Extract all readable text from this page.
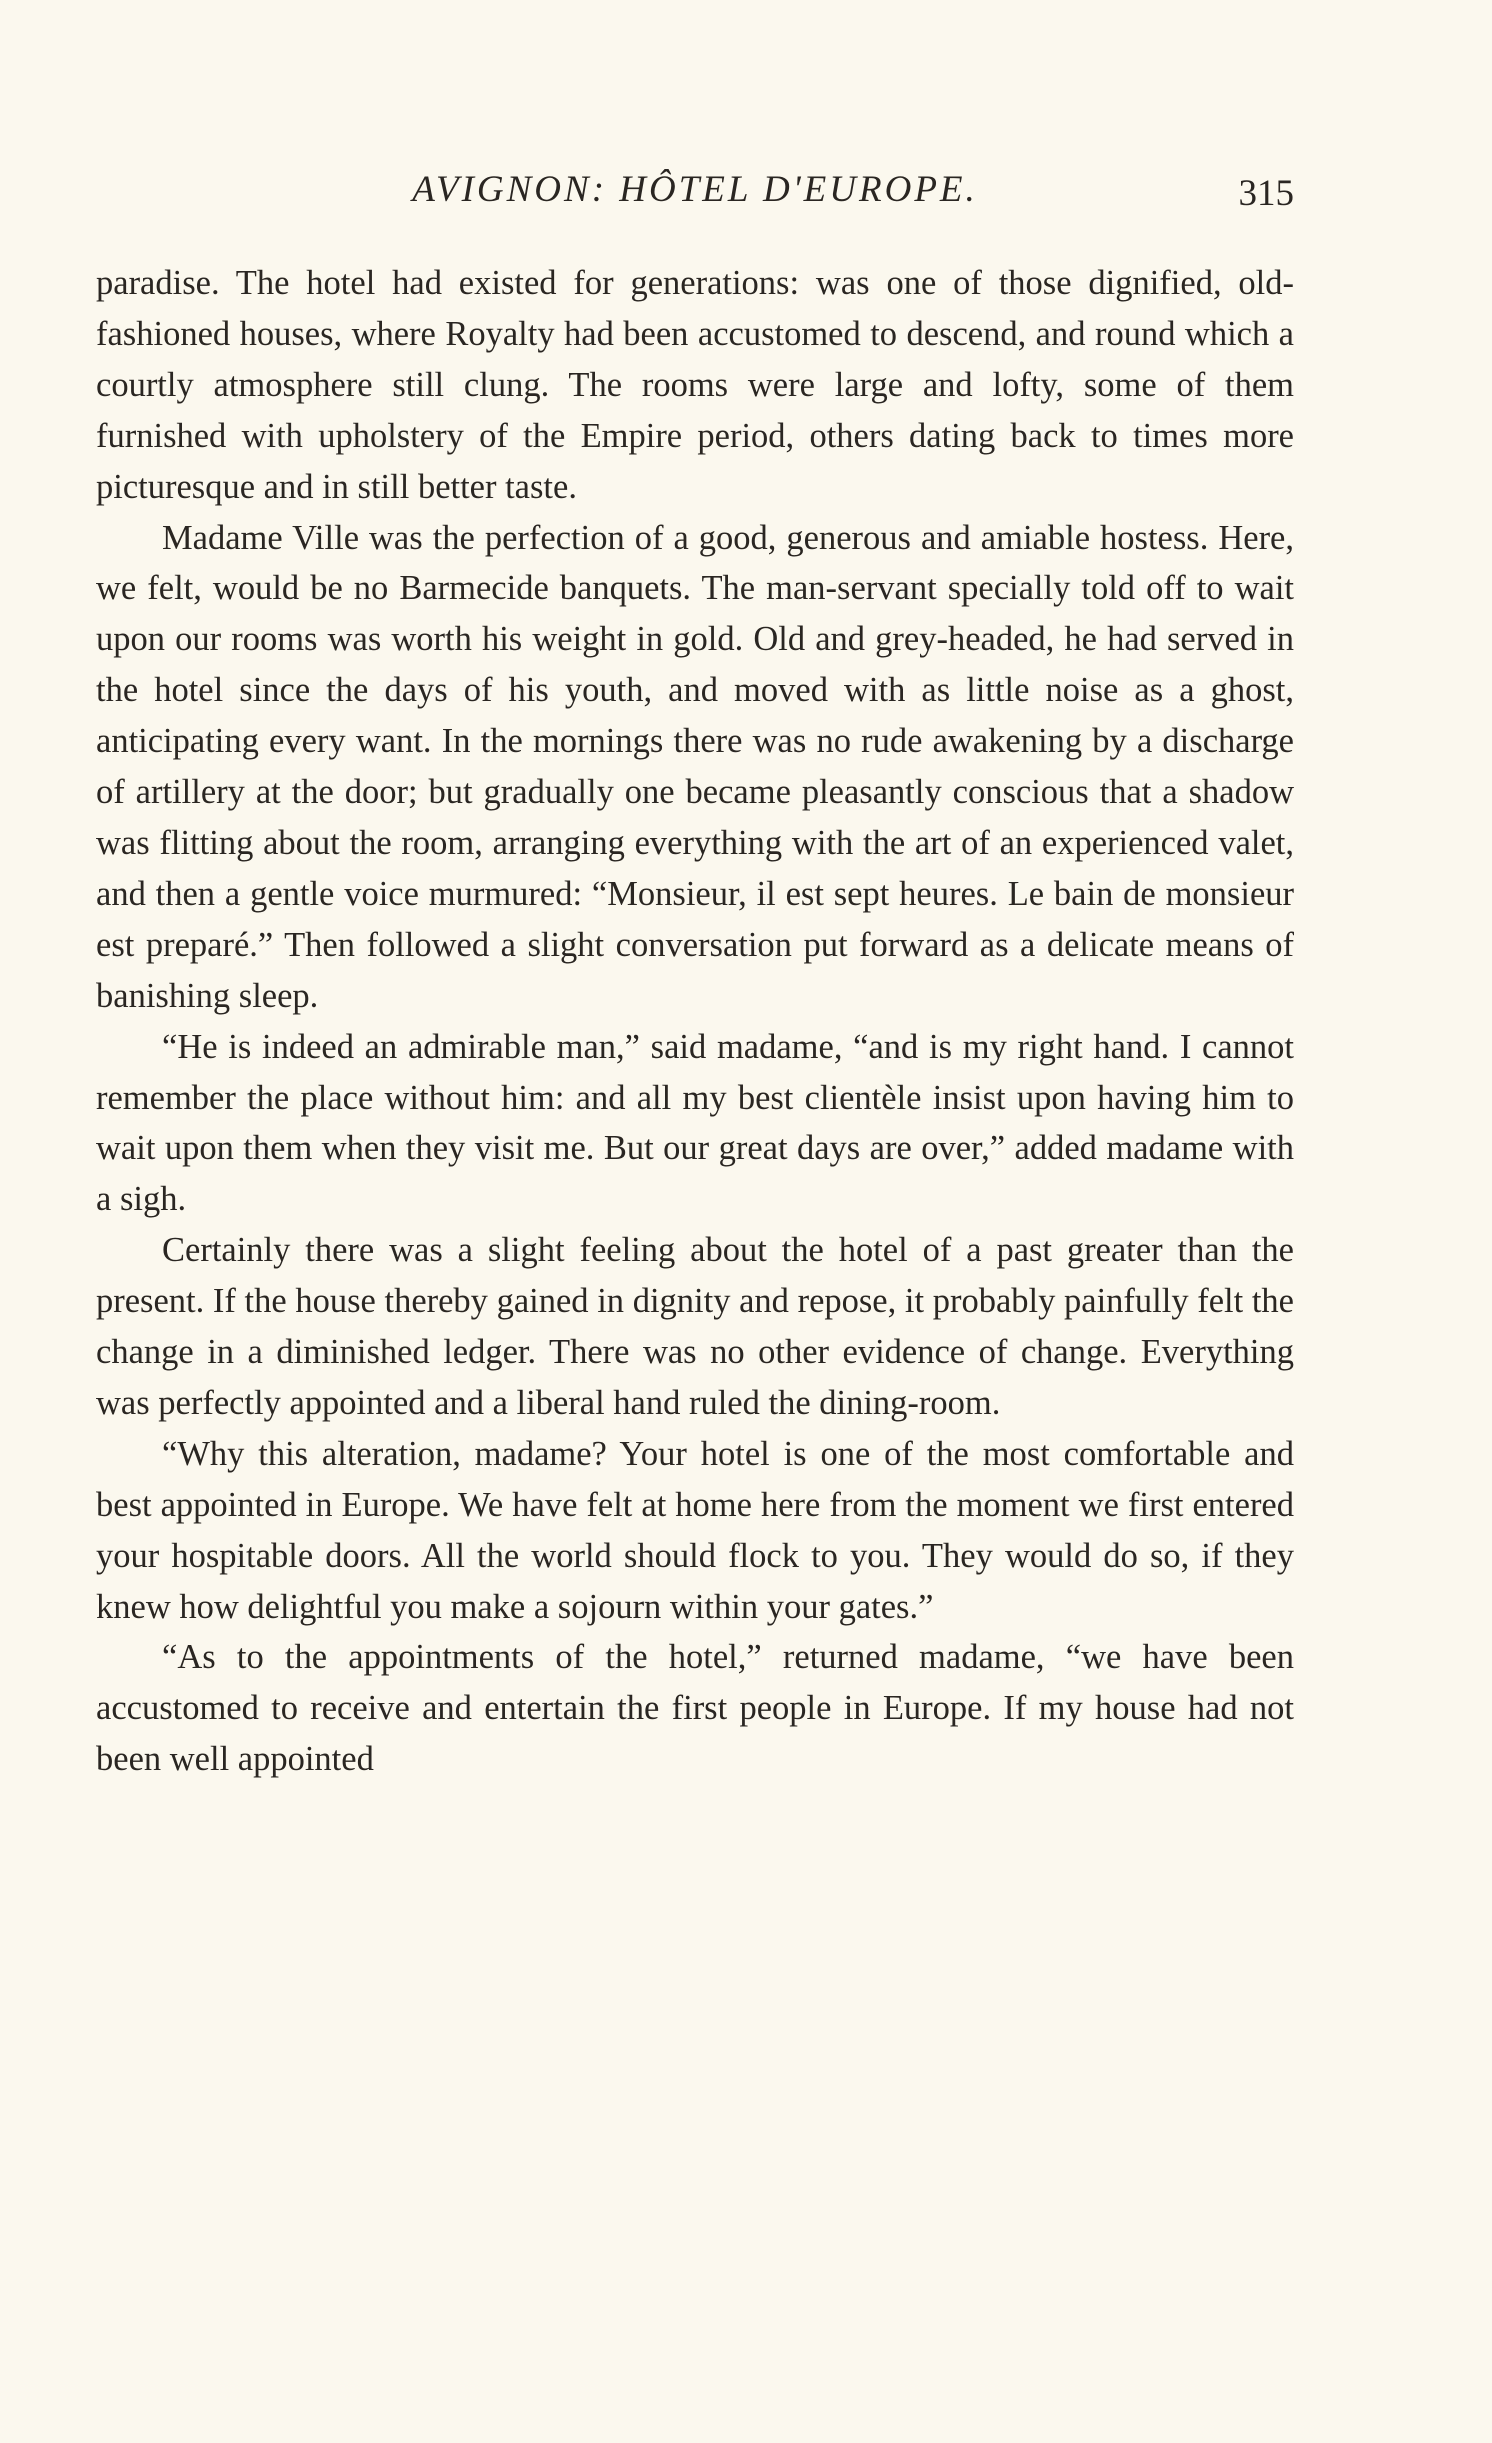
AVIGNON: HÔTEL D'EUROPE.	315

paradise. The hotel had existed for generations: was one of those dignified, old-fashioned houses, where Royalty had been accustomed to descend, and round which a courtly atmosphere still clung. The rooms were large and lofty, some of them furnished with upholstery of the Empire period, others dating back to times more picturesque and in still better taste.

Madame Ville was the perfection of a good, generous and amiable hostess. Here, we felt, would be no Barmecide banquets. The man-servant specially told off to wait upon our rooms was worth his weight in gold. Old and grey-headed, he had served in the hotel since the days of his youth, and moved with as little noise as a ghost, anticipating every want. In the mornings there was no rude awakening by a discharge of artillery at the door; but gradually one became pleasantly conscious that a shadow was flitting about the room, arranging everything with the art of an experienced valet, and then a gentle voice murmured: “Monsieur, il est sept heures. Le bain de monsieur est preparé.” Then followed a slight conversation put forward as a delicate means of banishing sleep.

“He is indeed an admirable man,” said madame, “and is my right hand. I cannot remember the place without him: and all my best clientèle insist upon having him to wait upon them when they visit me. But our great days are over,” added madame with a sigh.

Certainly there was a slight feeling about the hotel of a past greater than the present. If the house thereby gained in dignity and repose, it probably painfully felt the change in a diminished ledger. There was no other evidence of change. Everything was perfectly appointed and a liberal hand ruled the dining-room.

“Why this alteration, madame? Your hotel is one of the most comfortable and best appointed in Europe. We have felt at home here from the moment we first entered your hospitable doors. All the world should flock to you. They would do so, if they knew how delightful you make a sojourn within your gates.”

“As to the appointments of the hotel,” returned madame, “we have been accustomed to receive and entertain the first people in Europe. If my house had not been well appointed
